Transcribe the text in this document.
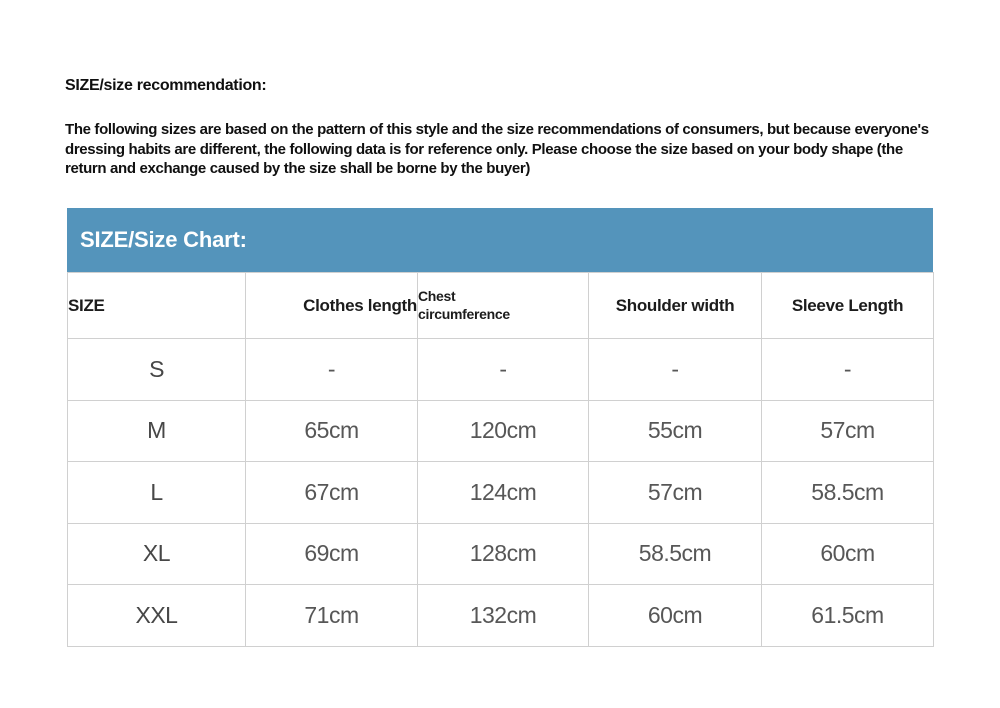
SIZE/size recommendation:
The following sizes are based on the pattern of this style and the size recommendations of consumers, but because everyone's dressing habits are different, the following data is for reference only. Please choose the size based on your body shape (the return and exchange caused by the size shall be borne by the buyer)
SIZE/Size Chart:
SIZE	Clothes length	Chest circumference	Shoulder width	Sleeve Length
S	-	-	-	-
M	65cm	120cm	55cm	57cm
L	67cm	124cm	57cm	58.5cm
XL	69cm	128cm	58.5cm	60cm
XXL	71cm	132cm	60cm	61.5cm
